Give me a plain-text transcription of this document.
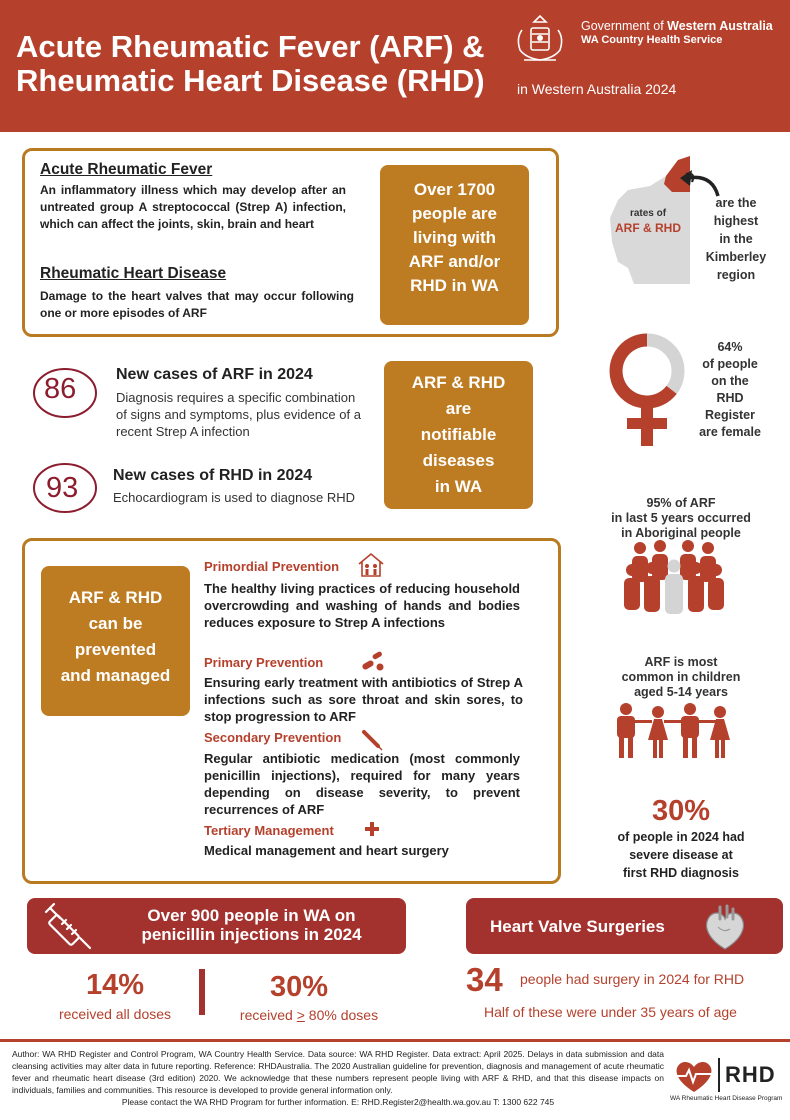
Acute Rheumatic Fever (ARF) &
Rheumatic Heart Disease (RHD)	in Western Australia 2024
Government of Western Australia
WA Country Health Service
Acute Rheumatic Fever
An inflammatory illness which may develop after an untreated group A streptococcal (Strep A) infection, which can affect the joints, skin, brain and heart
Rheumatic Heart Disease
Damage to the heart valves that may occur following one or more episodes of ARF
Over 1700
people are
living with
ARF and/or
RHD in WA
rates of
ARF & RHD
are the
highest
in the
Kimberley
region
86 New cases of ARF in 2024
Diagnosis requires a specific combination of signs and symptoms, plus evidence of a recent Strep A infection
93 New cases of RHD in 2024
Echocardiogram is used to diagnose RHD
ARF & RHD
are
notifiable
diseases
in WA
64%
of people
on the
RHD
Register
are female
ARF & RHD
can be
prevented
and managed
Primordial Prevention
The healthy living practices of reducing household overcrowding and washing of hands and bodies reduces exposure to Strep A infections
Primary Prevention
Ensuring early treatment with antibiotics of Strep A infections such as sore throat and skin sores, to stop progression to ARF
Secondary Prevention
Regular antibiotic medication (most commonly penicillin injections), required for many years depending on disease severity, to prevent recurrences of ARF
Tertiary Management
Medical management and heart surgery
95% of ARF
in last 5 years occurred
in Aboriginal people
ARF is most
common in children
aged 5-14 years
30%
of people in 2024 had
severe disease at
first RHD diagnosis
Over 900 people in WA on
penicillin injections in 2024
14%
received all doses
30%
received ≥ 80% doses
Heart Valve Surgeries
34 people had surgery in 2024 for RHD
Half of these were under 35 years of age
Author: WA RHD Register and Control Program, WA Country Health Service. Data source: WA RHD Register. Data extract: April 2025. Delays in data submission and data cleansing activities may alter data in future reporting. Reference: RHDAustralia. The 2020 Australian guideline for prevention, diagnosis and management of acute rheumatic fever and rheumatic heart disease (3rd edition) 2020. We acknowledge that these numbers represent people living with ARF & RHD, and that this disease impacts on individuals, families and communities. This resource is developed to provide general information only.
Please contact the WA RHD Program for further information. E: RHD.Register2@health.wa.gov.au T: 1300 622 745
RHD
WA Rheumatic Heart Disease Program
